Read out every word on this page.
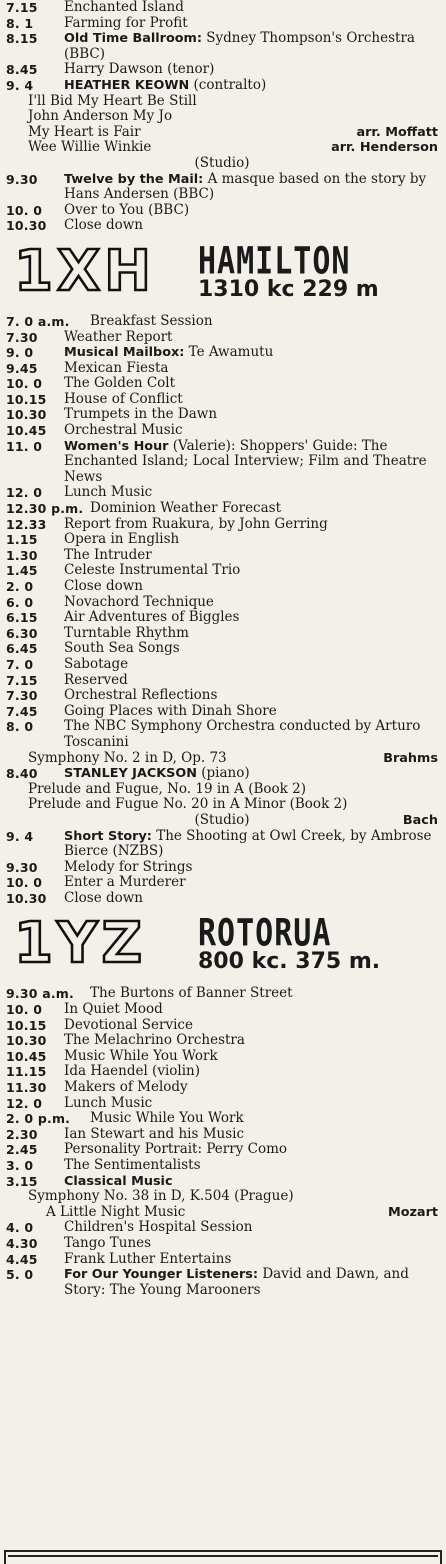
7.15	Enchanted Island
8. 1	Farming for Profit
8.15	Old Time Ballroom: Sydney Thompson's Orchestra (BBC)
8.45	Harry Dawson (tenor)
9. 4	HEATHER KEOWN (contralto)
I'll Bid My Heart Be Still
John Anderson My Jo
My Heart is Fair	arr. Moffatt
Wee Willie Winkie	arr. Henderson
(Studio)
9.30	Twelve by the Mail: A masque based on the story by Hans Andersen (BBC)
10. 0	Over to You (BBC)
10.30	Close down
1XH HAMILTON
1310 kc 229 m
7. 0 a.m.	Breakfast Session
7.30	Weather Report
9. 0	Musical Mailbox: Te Awamutu
9.45	Mexican Fiesta
10. 0	The Golden Colt
10.15	House of Conflict
10.30	Trumpets in the Dawn
10.45	Orchestral Music
11. 0	Women's Hour (Valerie): Shoppers' Guide: The Enchanted Island; Local Interview; Film and Theatre News
12. 0	Lunch Music
12.30 p.m. Dominion Weather Forecast
12.33	Report from Ruakura, by John Gerring
1.15	Opera in English
1.30	The Intruder
1.45	Celeste Instrumental Trio
2. 0	Close down
6. 0	Novachord Technique
6.15	Air Adventures of Biggles
6.30	Turntable Rhythm
6.45	South Sea Songs
7. 0	Sabotage
7.15	Reserved
7.30	Orchestral Reflections
7.45	Going Places with Dinah Shore
8. 0	The NBC Symphony Orchestra conducted by Arturo Toscanini
Symphony No. 2 in D, Op. 73	Brahms
8.40	STANLEY JACKSON (piano)
Prelude and Fugue, No. 19 in A (Book 2)
Prelude and Fugue No. 20 in A Minor (Book 2)
Bach
(Studio)
9. 4	Short Story: The Shooting at Owl Creek, by Ambrose Bierce (NZBS)
9.30	Melody for Strings
10. 0	Enter a Murderer
10.30	Close down
1YZ ROTORUA
800 kc. 375 m.
9.30 a.m.	The Burtons of Banner Street
10. 0	In Quiet Mood
10.15	Devotional Service
10.30	The Melachrino Orchestra
10.45	Music While You Work
11.15	Ida Haendel (violin)
11.30	Makers of Melody
12. 0	Lunch Music
2. 0 p.m.	Music While You Work
2.30	Ian Stewart and his Music
2.45	Personality Portrait: Perry Como
3. 0	The Sentimentalists
3.15	Classical Music
Symphony No. 38 in D, K.504 (Prague)
A Little Night Music	Mozart
4. 0	Children's Hospital Session
4.30	Tango Tunes
4.45	Frank Luther Entertains
5. 0	For Our Younger Listeners: David and Dawn, and Story: The Young Marooners
